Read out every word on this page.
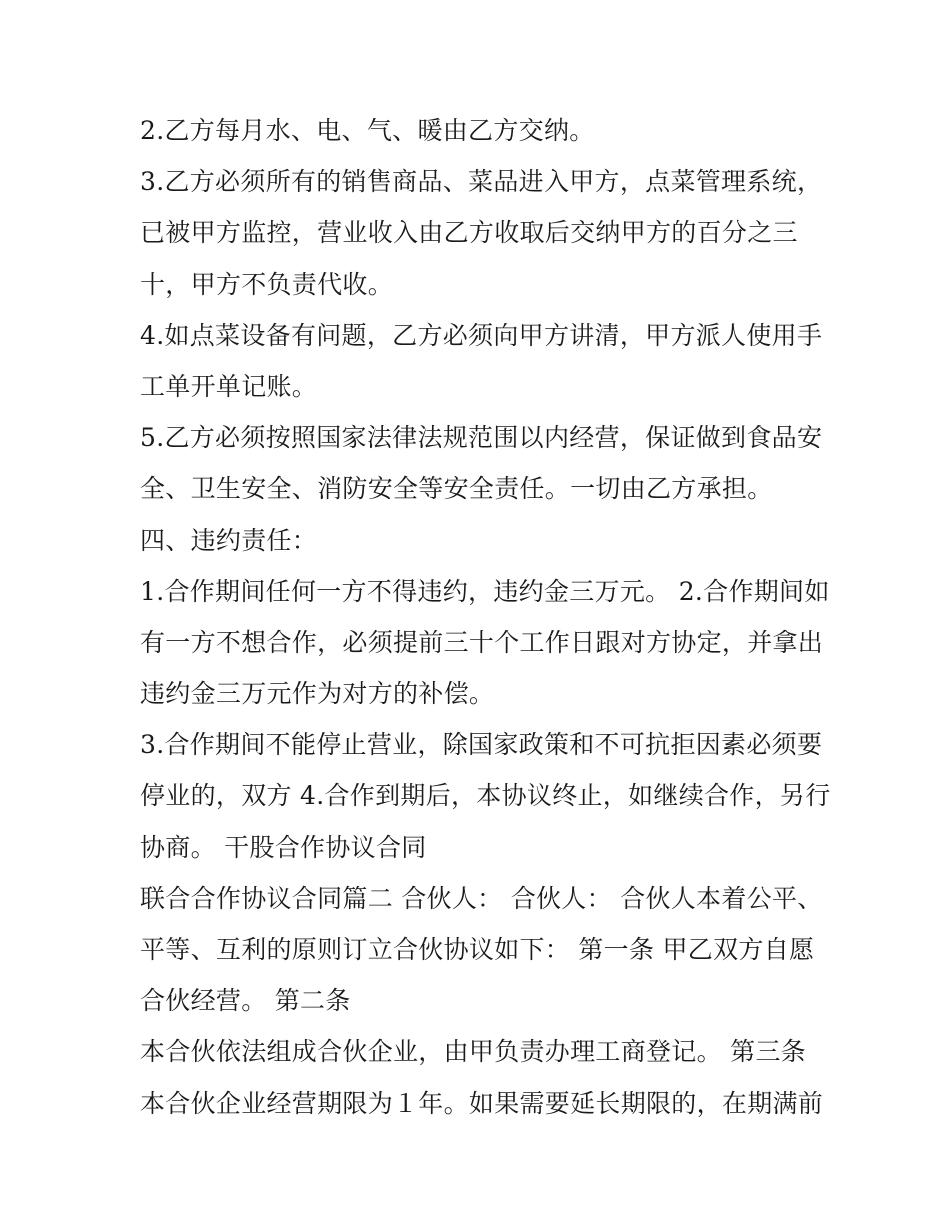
2.乙方每月水、电、气、暖由乙方交纳。
3.乙方必须所有的销售商品、菜品进入甲方，点菜管理系统，
已被甲方监控，营业收入由乙方收取后交纳甲方的百分之三
十，甲方不负责代收。
4.如点菜设备有问题，乙方必须向甲方讲清，甲方派人使用手
工单开单记账。
5.乙方必须按照国家法律法规范围以内经营，保证做到食品安
全、卫生安全、消防安全等安全责任。一切由乙方承担。
四、违约责任：
1.合作期间任何一方不得违约，违约金三万元。 2.合作期间如
有一方不想合作，必须提前三十个工作日跟对方协定，并拿出
违约金三万元作为对方的补偿。
3.合作期间不能停止营业，除国家政策和不可抗拒因素必须要
停业的，双方 4.合作到期后，本协议终止，如继续合作，另行
协商。 干股合作协议合同
联合合作协议合同篇二 合伙人： 合伙人： 合伙人本着公平、
平等、互利的原则订立合伙协议如下： 第一条 甲乙双方自愿
合伙经营。 第二条
本合伙依法组成合伙企业，由甲负责办理工商登记。 第三条
本合伙企业经营期限为１年。如果需要延长期限的，在期满前
